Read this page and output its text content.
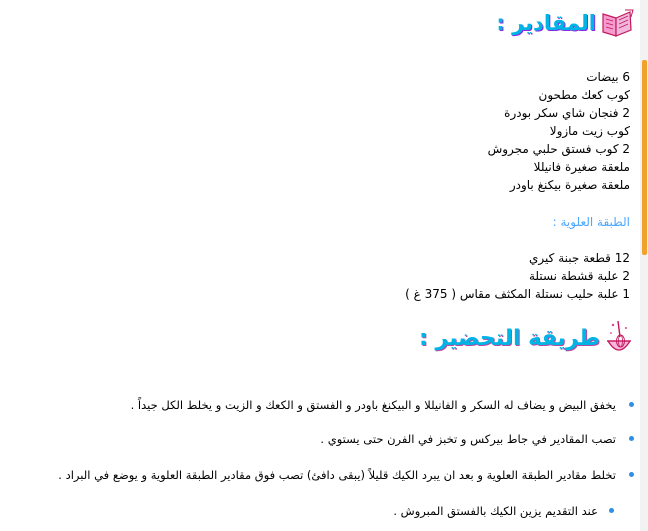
المقادير :
6 بيضات
كوب كعك مطحون
2 فنجان شاي سكر بودرة
كوب زيت مازولا
2 كوب فستق حلبي مجروش
ملعقة صغيرة فانيللا
ملعقة صغيرة بيكنغ باودر
الطبقة العلوية :
12 قطعة جبنة كيري
2 علبة قشطة نستلة
1 علبة حليب نستلة المكثف مقاس ( 375 غ )
طريقة التحضير :
يخفق البيض و يضاف له السكر و الفانيللا و البيكنغ باودر و الفستق و الكعك و الزيت و يخلط الكل جيداً .
تصب المقادير في جاط بيركس و تخبز في الفرن حتى يستوي .
تخلط مقادير الطبقة العلوية و بعد ان يبرد الكيك قليلاً (يبقى دافئ) تصب فوق مقادير الطبقة العلوية و يوضع في البراد .
عند التقديم يزين الكيك بالفستق المبروش .
